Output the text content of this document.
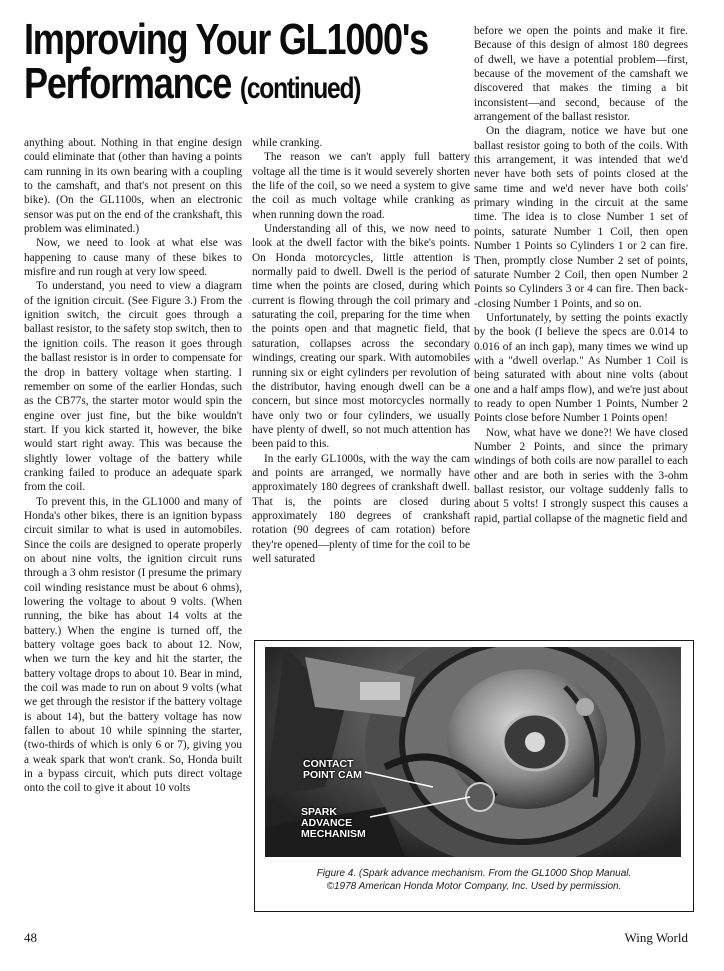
Improving Your GL1000's
Performance (continued)

anything about. Nothing in that engine design could eliminate that (other than having a points cam running in its own bearing with a coupling to the camshaft, and that's not present on this bike). (On the GL1100s, when an electronic sensor was put on the end of the crankshaft, this problem was eliminated.)

Now, we need to look at what else was happening to cause many of these bikes to misfire and run rough at very low speed.

To understand, you need to view a diagram of the ignition circuit. (See Figure 3.) From the ignition switch, the circuit goes through a ballast resistor, to the safety stop switch, then to the ignition coils. The reason it goes through the ballast resistor is in order to compensate for the drop in battery voltage when starting. I remember on some of the earlier Hondas, such as the CB77s, the starter motor would spin the engine over just fine, but the bike wouldn't start. If you kick started it, however, the bike would start right away. This was because the slightly lower voltage of the battery while cranking failed to produce an adequate spark from the coil.

To prevent this, in the GL1000 and many of Honda's other bikes, there is an ignition bypass circuit similar to what is used in automobiles. Since the coils are designed to operate properly on about nine volts, the ignition circuit runs through a 3 ohm resistor (I presume the primary coil winding resistance must be about 6 ohms), lowering the voltage to about 9 volts. (When running, the bike has about 14 volts at the battery.) When the engine is turned off, the battery voltage goes back to about 12. Now, when we turn the key and hit the starter, the battery voltage drops to about 10. Bear in mind, the coil was made to run on about 9 volts (what we get through the resistor if the battery voltage is about 14), but the battery voltage has now fallen to about 10 while spinning the starter, (two-thirds of which is only 6 or 7), giving you a weak spark that won't crank. So, Honda built in a bypass circuit, which puts direct voltage onto the coil to give it about 10 volts

while cranking.

The reason we can't apply full battery voltage all the time is it would severely shorten the life of the coil, so we need a system to give the coil as much voltage while cranking as when running down the road.

Understanding all of this, we now need to look at the dwell factor with the bike's points. On Honda motorcycles, little attention is normally paid to dwell. Dwell is the period of time when the points are closed, during which current is flowing through the coil primary and saturating the coil, preparing for the time when the points open and that magnetic field, that saturation, collapses across the secondary windings, creating our spark. With automobiles running six or eight cylinders per revolution of the distributor, having enough dwell can be a concern, but since most motorcycles normally have only two or four cylinders, we usually have plenty of dwell, so not much attention has been paid to this.

In the early GL1000s, with the way the cam and points are arranged, we normally have approximately 180 degrees of crankshaft dwell. That is, the points are closed during approximately 180 degrees of crankshaft rotation (90 degrees of cam rotation) before they're opened—plenty of time for the coil to be well saturated

before we open the points and make it fire. Because of this design of almost 180 degrees of dwell, we have a potential problem—first, because of the movement of the camshaft we discovered that makes the timing a bit inconsistent—and second, because of the arrangement of the ballast resistor.

On the diagram, notice we have but one ballast resistor going to both of the coils. With this arrangement, it was intended that we'd never have both sets of points closed at the same time and we'd never have both coils' primary winding in the circuit at the same time. The idea is to close Number 1 set of points, saturate Number 1 Coil, then open Number 1 Points so Cylinders 1 or 2 can fire. Then, promptly close Number 2 set of points, saturate Number 2 Coil, then open Number 2 Points so Cylinders 3 or 4 can fire. Then back--closing Number 1 Points, and so on.

Unfortunately, by setting the points exactly by the book (I believe the specs are 0.014 to 0.016 of an inch gap), many times we wind up with a "dwell overlap." As Number 1 Coil is being saturated with about nine volts (about one and a half amps flow), and we're just about to ready to open Number 1 Points, Number 2 Points close before Number 1 Points open!

Now, what have we done?! We have closed Number 2 Points, and since the primary windings of both coils are now parallel to each other and are both in series with the 3-ohm ballast resistor, our voltage suddenly falls to about 5 volts! I strongly suspect this causes a rapid, partial collapse of the magnetic field and

CONTACT
POINT CAM
SPARK
ADVANCE
MECHANISM
Figure 4. (Spark advance mechanism. From the GL1000 Shop Manual.
©1978 American Honda Motor Company, Inc. Used by permission.
48	Wing World
